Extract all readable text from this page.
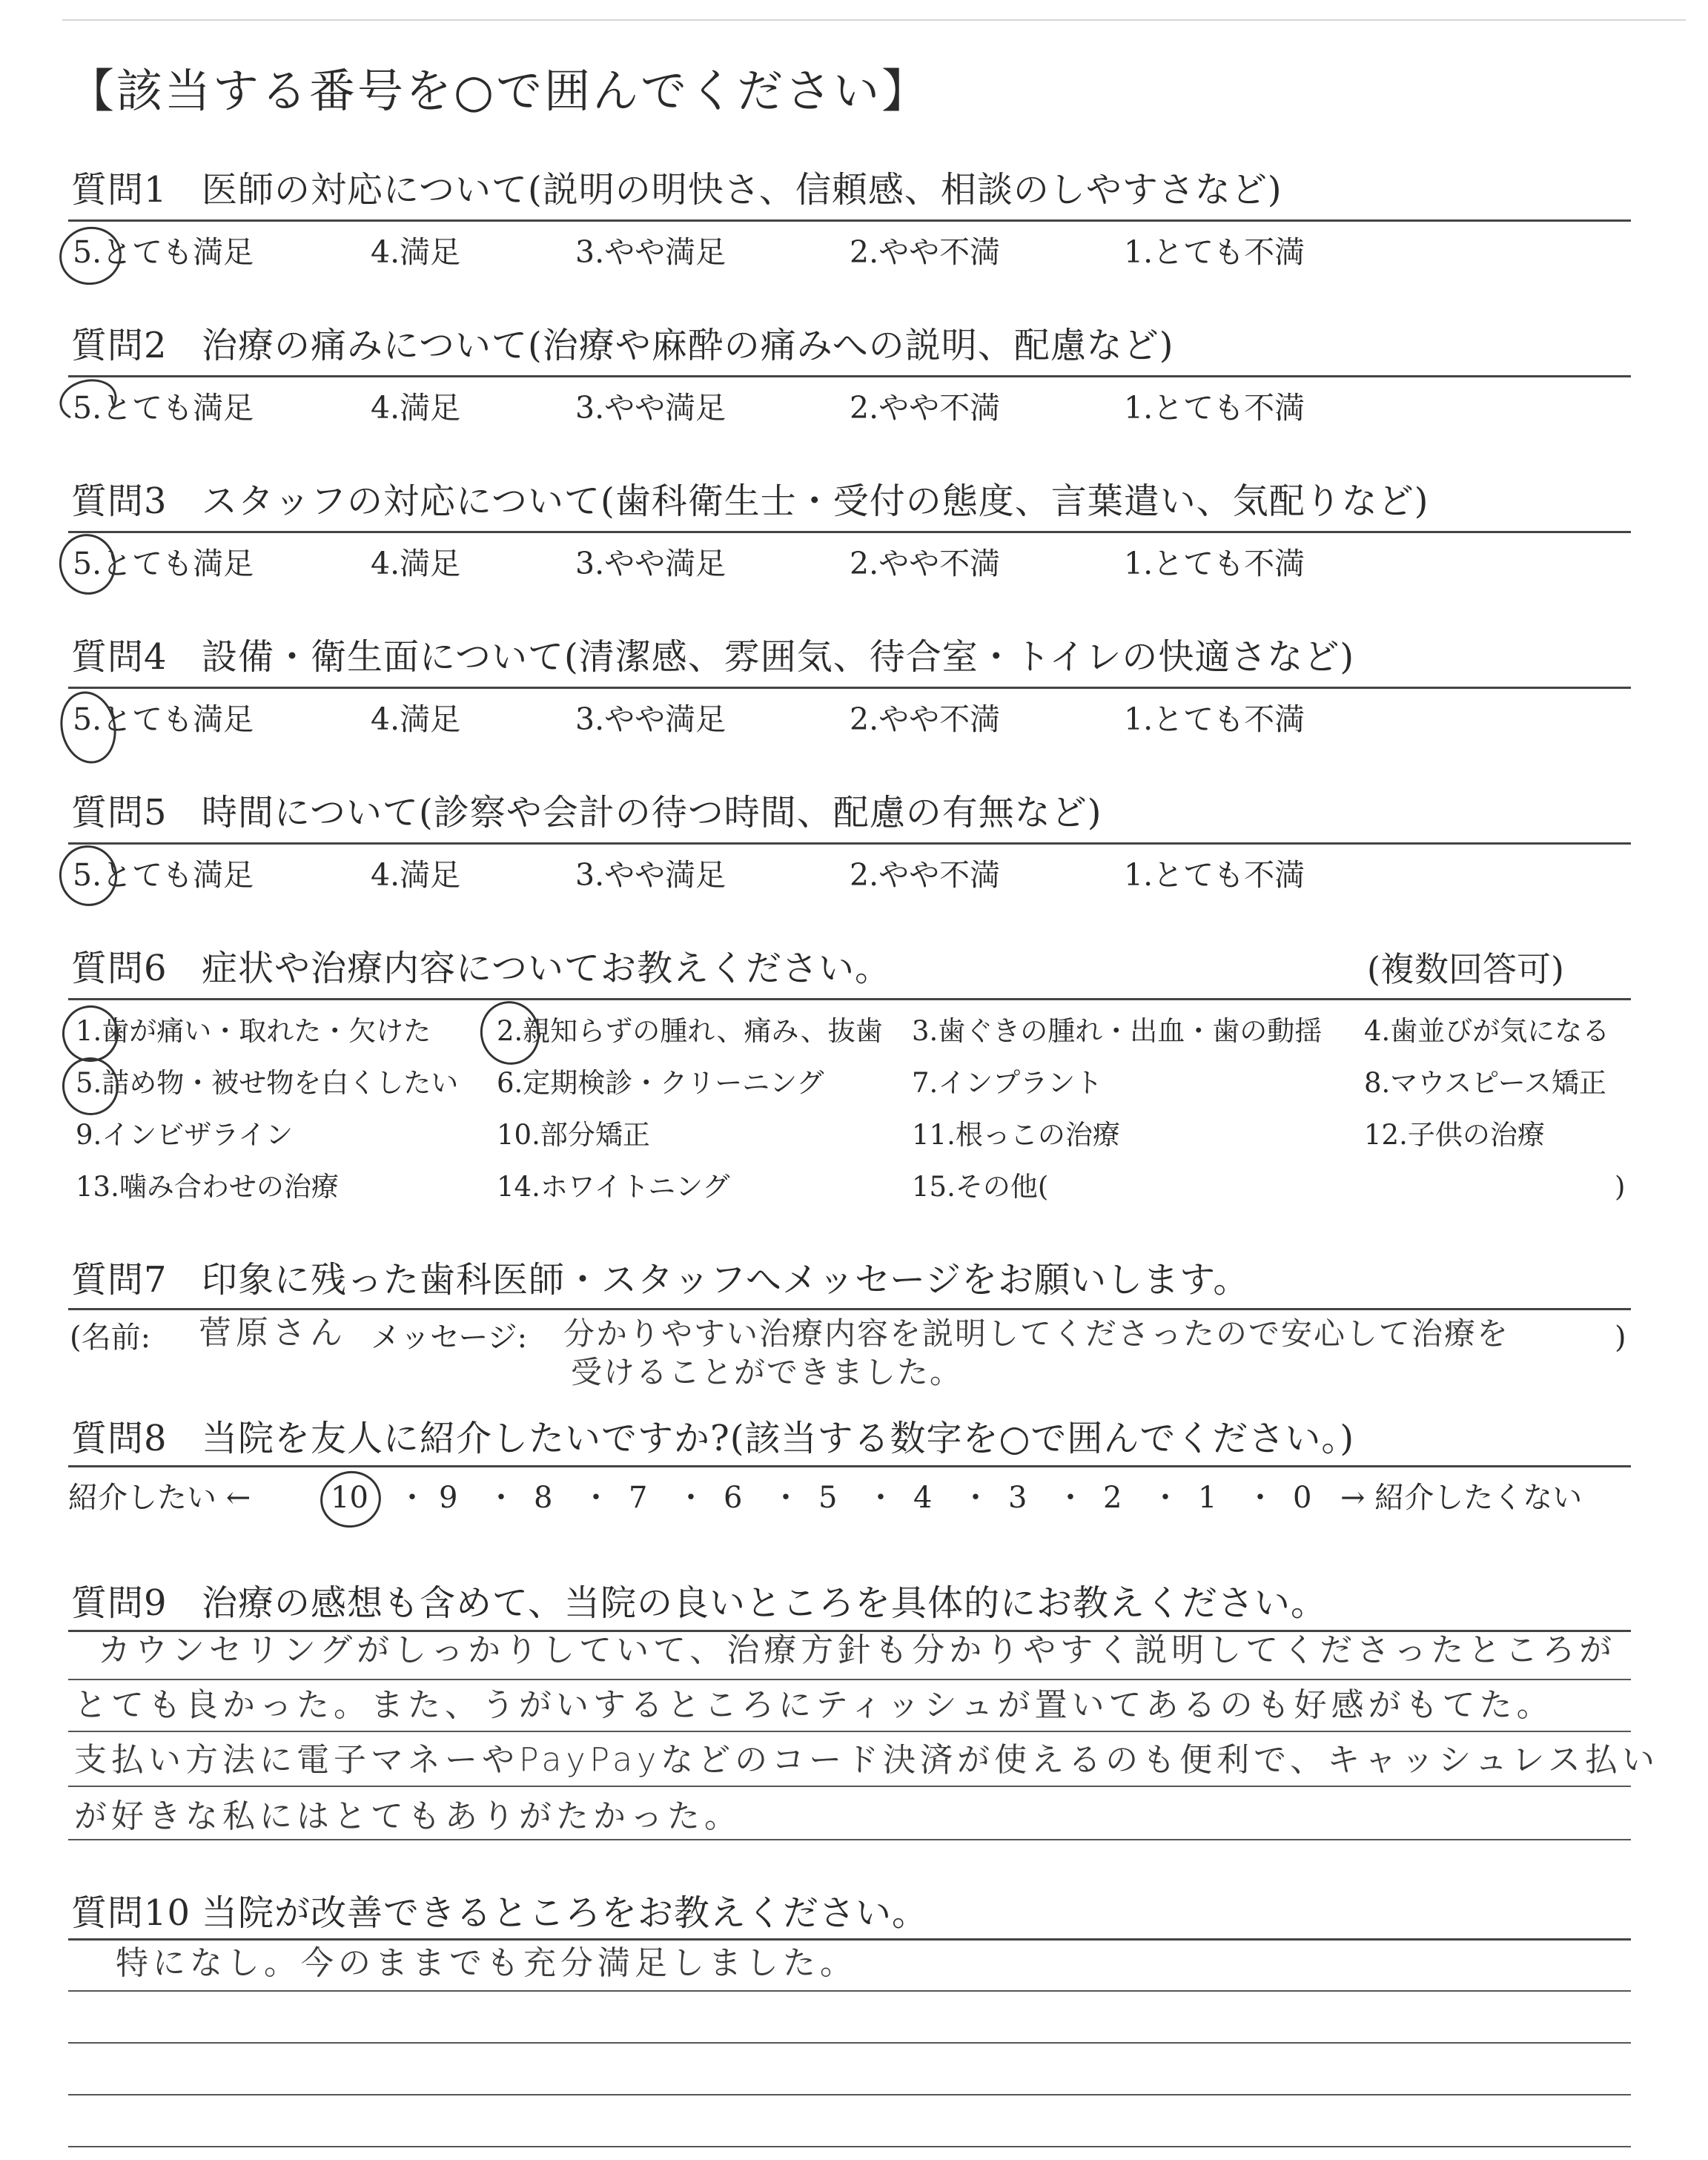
【該当する番号を○で囲んでください】
質問1 医師の対応について(説明の明快さ、信頼感、相談のしやすさなど)
5.とても満足	4.満足	3.やや満足	2.やや不満	1.とても不満
質問2 治療の痛みについて(治療や麻酔の痛みへの説明、配慮など)
5.とても満足	4.満足	3.やや満足	2.やや不満	1.とても不満
質問3 スタッフの対応について(歯科衛生士・受付の態度、言葉遣い、気配りなど)
5.とても満足	4.満足	3.やや満足	2.やや不満	1.とても不満
質問4 設備・衛生面について(清潔感、雰囲気、待合室・トイレの快適さなど)
5.とても満足	4.満足	3.やや満足	2.やや不満	1.とても不満
質問5 時間について(診察や会計の待つ時間、配慮の有無など)
5.とても満足	4.満足	3.やや満足	2.やや不満	1.とても不満
質問6 症状や治療内容についてお教えください。	(複数回答可)
1.歯が痛い・取れた・欠けた 2.親知らずの腫れ、痛み、抜歯 3.歯ぐきの腫れ・出血・歯の動揺 4.歯並びが気になる
5.詰め物・被せ物を白くしたい 6.定期検診・クリーニング	7.インプラント	8.マウスピース矯正
9.インビザライン	10.部分矯正	11.根っこの治療	12.子供の治療
13.噛み合わせの治療	14.ホワイトニング	15.その他(	)
質問7 印象に残った歯科医師・スタッフへメッセージをお願いします。
(名前: 菅原さん メッセージ: 分かりやすい治療内容を説明してくださったので安心して治療を
受けることができました。
)
質問8 当院を友人に紹介したいですか?(該当する数字を○で囲んでください。)
紹介したい ←	10 ・ 9 ・ 8 ・ 7 ・ 6 ・ 5 ・ 4 ・ 3 ・ 2 ・ 1 ・ 0 → 紹介したくない
質問9 治療の感想も含めて、当院の良いところを具体的にお教えください。
カウンセリングがしっかりしていて、治療方針も分かりやすく説明してくださったところが
とても良かった。また、うがいするところにティッシュが置いてあるのも好感がもてた。
支払い方法に電子マネーやPayPayなどのコード決済が使えるのも便利で、キャッシュレス払い
が好きな私にはとてもありがたかった。
質問10 当院が改善できるところをお教えください。
特になし。今のままでも充分満足しました。
